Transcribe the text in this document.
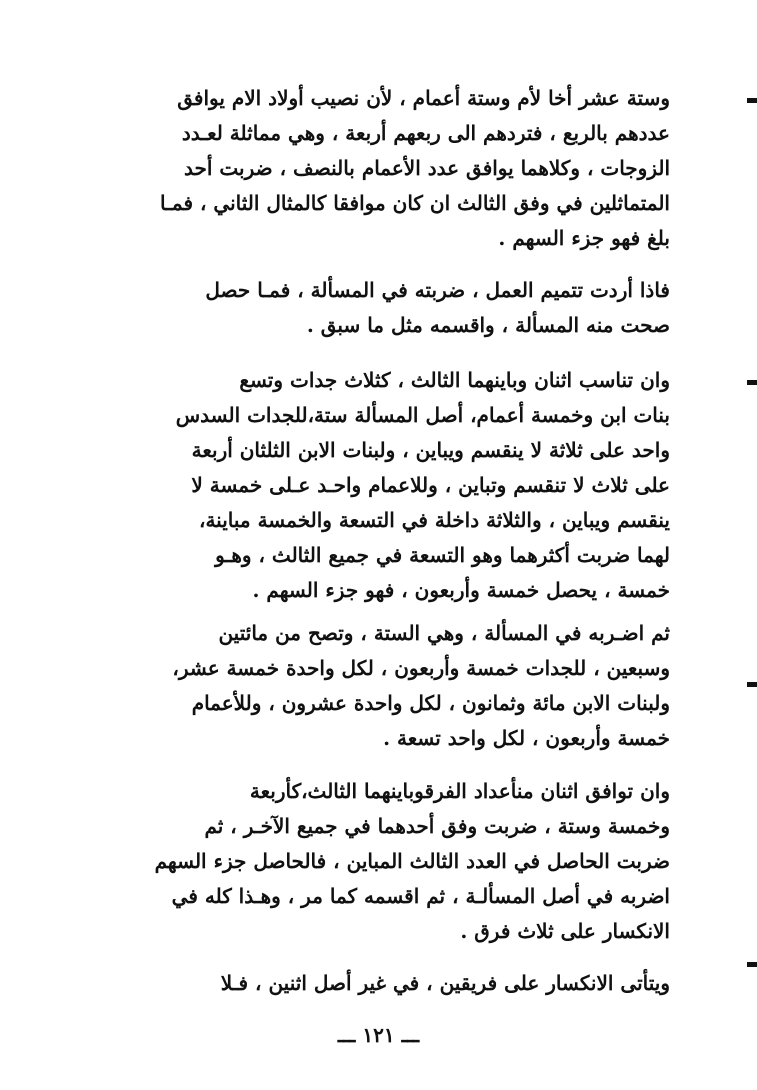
وستة عشر أخا لأم وستة أعمام ، لأن نصيب أولاد الام يوافق
عددهم بالربع ، فتردهم الى ربعهم أربعة ، وهي مماثلة لعـدد
الزوجات ، وكلاهما يوافق عدد الأعمام بالنصف ، ضربت أحد
المتماثلين في وفق الثالث ان كان موافقا كالمثال الثاني ، فمـا
بلغ فهو جزء السهم .
فاذا أردت تتميم العمل ، ضربته في المسألة ، فمـا حصل
صحت منه المسألة ، واقسمه مثل ما سبق .
وان تناسب اثنان وباينهما الثالث ، كثلاث جدات وتسع
بنات ابن وخمسة أعمام، أصل المسألة ستة،للجدات السدس
واحد على ثلاثة لا ينقسم ويباين ، ولبنات الابن الثلثان أربعة
على ثلاث لا تنقسم وتباين ، وللاعمام واحـد عـلى خمسة لا
ينقسم ويباين ، والثلاثة داخلة في التسعة والخمسة مباينة،
لهما ضربت أكثرهما وهو التسعة في جميع الثالث ، وهـو
خمسة ، يحصل خمسة وأربعون ، فهو جزء السهم .
ثم اضـربه في المسألة ، وهي الستة ، وتصح من مائتين
وسبعين ، للجدات خمسة وأربعون ، لكل واحدة خمسة عشر،
ولبنات الابن مائة وثمانون ، لكل واحدة عشرون ، وللأعمام
خمسة وأربعون ، لكل واحد تسعة .
وان توافق اثنان منأعداد الفرقوباينهما الثالث،كأربعة
وخمسة وستة ، ضربت وفق أحدهما في جميع الآخـر ، ثم
ضربت الحاصل في العدد الثالث المباين ، فالحاصل جزء السهم
اضربه في أصل المسألـة ، ثم اقسمه كما مر ، وهـذا كله في
الانكسار على ثلاث فرق .
ويتأتى الانكسار على فريقين ، في غير أصل اثنين ، فـلا
ـــ ١٢١ ـــ
